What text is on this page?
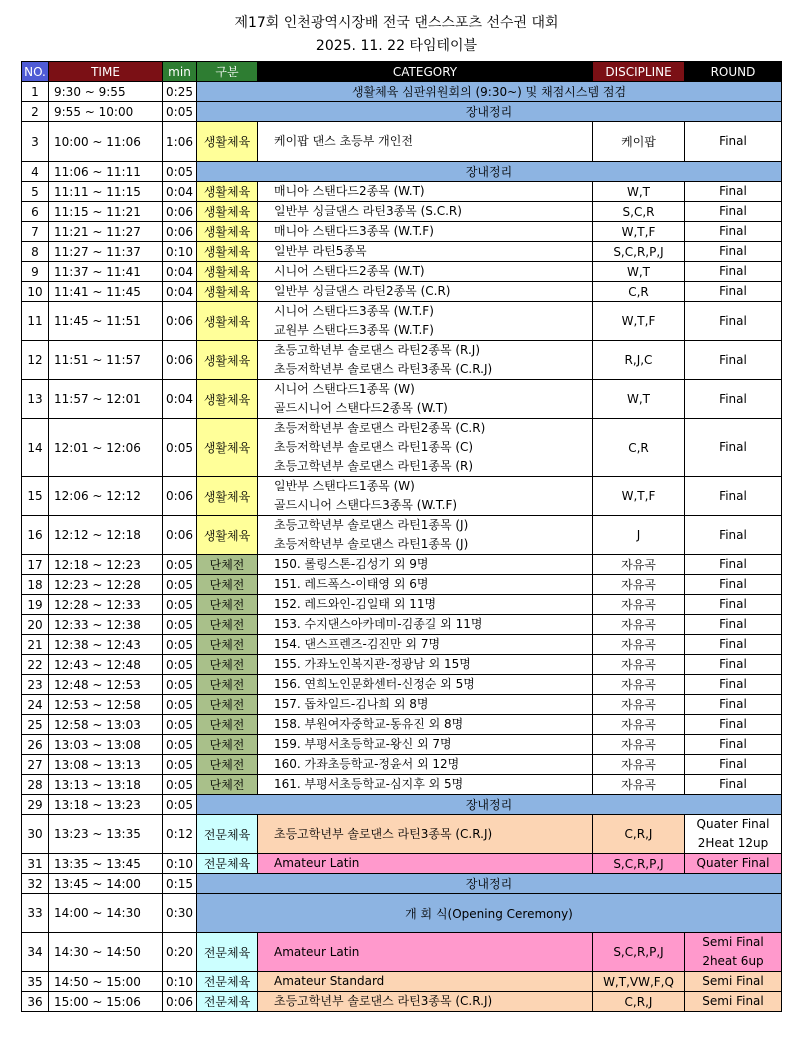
제17회 인천광역시장배 전국 댄스스포츠 선수권 대회
2025. 11. 22 타임테이블
NO.	TIME	min	구분	CATEGORY	DISCIPLINE	ROUND
1	9:30 ~ 9:55	0:25	생활체육 심판위원회의 (9:30~) 및 채점시스템 점검			
2	9:55 ~ 10:00	0:05	장내정리			
3	10:00 ~ 11:06	1:06	생활체육	케이팝 댄스 초등부 개인전	케이팝	Final

4	11:06 ~ 11:11	0:05	장내정리			
5	11:11 ~ 11:15	0:04	생활체육	매니아 스탠다드2종목 (W.T)	W,T	Final

6	11:15 ~ 11:21	0:06	생활체육	일반부 싱글댄스 라틴3종목 (S.C.R)	S,C,R	Final

7	11:21 ~ 11:27	0:06	생활체육	매니아 스탠다드3종목 (W.T.F)	W,T,F	Final

8	11:27 ~ 11:37	0:10	생활체육	일반부 라틴5종목	S,C,R,P,J	Final

9	11:37 ~ 11:41	0:04	생활체육	시니어 스탠다드2종목 (W.T)	W,T	Final

10	11:41 ~ 11:45	0:04	생활체육	일반부 싱글댄스 라틴2종목 (C.R)	C,R	Final

11	11:45 ~ 11:51	0:06	생활체육	시니어 스탠다드3종목 (W.T.F)
교원부 스탠다드3종목 (W.T.F)	W,T,F	Final

12	11:51 ~ 11:57	0:06	생활체육	초등고학년부 솔로댄스 라틴2종목 (R.J)
초등저학년부 솔로댄스 라틴3종목 (C.R.J)	R,J,C	Final

13	11:57 ~ 12:01	0:04	생활체육	시니어 스탠다드1종목 (W)
골드시니어 스탠다드2종목 (W.T)	W,T	Final

14	12:01 ~ 12:06	0:05	생활체육	초등저학년부 솔로댄스 라틴2종목 (C.R)
초등저학년부 솔로댄스 라틴1종목 (C)
초등고학년부 솔로댄스 라틴1종목 (R)	C,R	Final

15	12:06 ~ 12:12	0:06	생활체육	일반부 스탠다드1종목 (W)
골드시니어 스탠다드3종목 (W.T.F)	W,T,F	Final

16	12:12 ~ 12:18	0:06	생활체육	초등고학년부 솔로댄스 라틴1종목 (J)
초등저학년부 솔로댄스 라틴1종목 (J)	J	Final

17	12:18 ~ 12:23	0:05	단체전	150. 롤링스톤-김성기 외 9명	자유곡	Final

18	12:23 ~ 12:28	0:05	단체전	151. 레드폭스-이태영 외 6명	자유곡	Final

19	12:28 ~ 12:33	0:05	단체전	152. 레드와인-김일태 외 11명	자유곡	Final

20	12:33 ~ 12:38	0:05	단체전	153. 수지댄스아카데미-김종길 외 11명	자유곡	Final

21	12:38 ~ 12:43	0:05	단체전	154. 댄스프렌즈-김진만 외 7명	자유곡	Final

22	12:43 ~ 12:48	0:05	단체전	155. 가좌노인복지관-정광남 외 15명	자유곡	Final

23	12:48 ~ 12:53	0:05	단체전	156. 연희노인문화센터-신정순 외 5명	자유곡	Final

24	12:53 ~ 12:58	0:05	단체전	157. 돕차일드-김나희 외 8명	자유곡	Final

25	12:58 ~ 13:03	0:05	단체전	158. 부원여자중학교-동유진 외 8명	자유곡	Final

26	13:03 ~ 13:08	0:05	단체전	159. 부평서초등학교-왕신 외 7명	자유곡	Final

27	13:08 ~ 13:13	0:05	단체전	160. 가좌초등학교-정윤서 외 12명	자유곡	Final

28	13:13 ~ 13:18	0:05	단체전	161. 부평서초등학교-심지후 외 5명	자유곡	Final

29	13:18 ~ 13:23	0:05	장내정리			
30	13:23 ~ 13:35	0:12	전문체육	초등고학년부 솔로댄스 라틴3종목 (C.R.J)	C,R,J	Quater Final
2Heat 12up

31	13:35 ~ 13:45	0:10	전문체육	Amateur Latin	S,C,R,P,J	Quater Final

32	13:45 ~ 14:00	0:15	장내정리			
33	14:00 ~ 14:30	0:30	개 회 식(Opening Ceremony)			
34	14:30 ~ 14:50	0:20	전문체육	Amateur Latin	S,C,R,P,J	Semi Final
2heat 6up

35	14:50 ~ 15:00	0:10	전문체육	Amateur Standard	W,T,VW,F,Q	Semi Final

36	15:00 ~ 15:06	0:06	전문체육	초등고학년부 솔로댄스 라틴3종목 (C.R.J)	C,R,J	Semi Final
